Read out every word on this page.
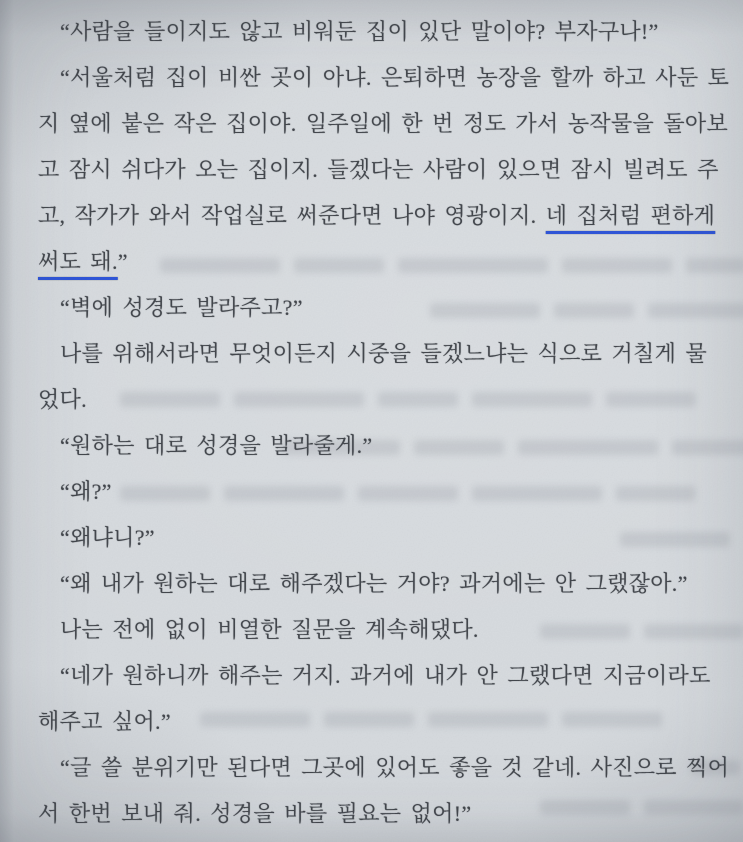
“사람을 들이지도 않고 비워둔 집이 있단 말이야? 부자구나!”
“서울처럼 집이 비싼 곳이 아냐. 은퇴하면 농장을 할까 하고 사둔 토
지 옆에 붙은 작은 집이야. 일주일에 한 번 정도 가서 농작물을 돌아보
고 잠시 쉬다가 오는 집이지. 들겠다는 사람이 있으면 잠시 빌려도 주
고, 작가가 와서 작업실로 써준다면 나야 영광이지. 네 집처럼 편하게
써도 돼.”
“벽에 성경도 발라주고?”
나를 위해서라면 무엇이든지 시중을 들겠느냐는 식으로 거칠게 물
었다.
“원하는 대로 성경을 발라줄게.”
“왜?”
“왜냐니?”
“왜 내가 원하는 대로 해주겠다는 거야? 과거에는 안 그랬잖아.”
나는 전에 없이 비열한 질문을 계속해댔다.
“네가 원하니까 해주는 거지. 과거에 내가 안 그랬다면 지금이라도
해주고 싶어.”
“글 쓸 분위기만 된다면 그곳에 있어도 좋을 것 같네. 사진으로 찍어
서 한번 보내 줘. 성경을 바를 필요는 없어!”
